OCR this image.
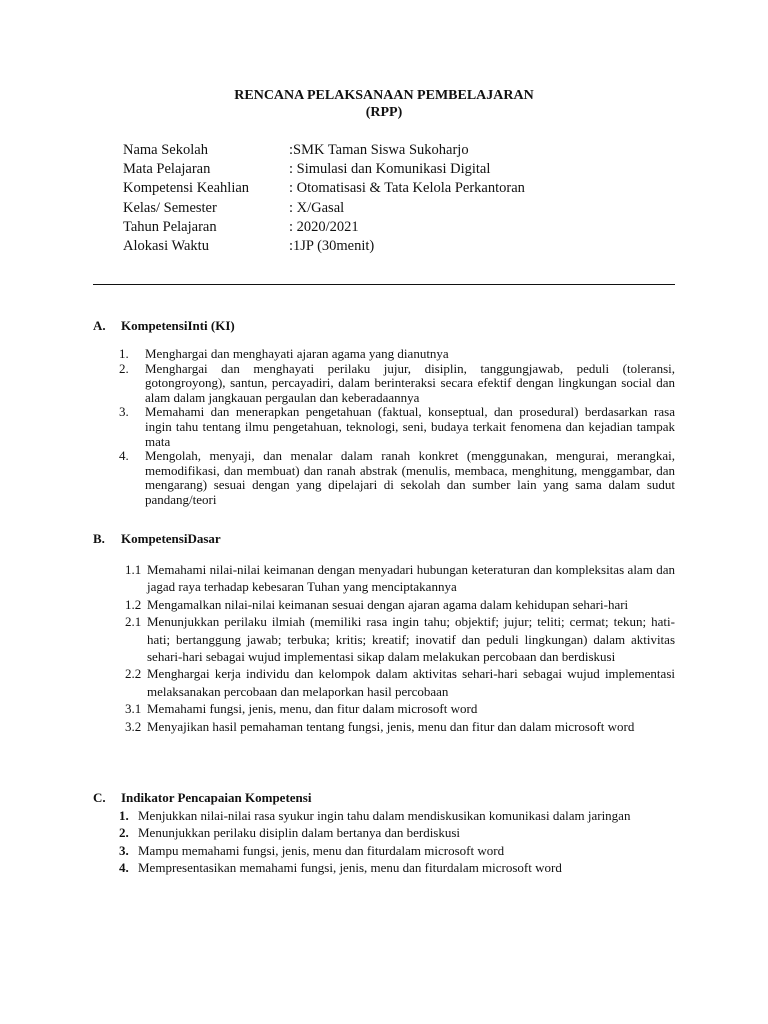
RENCANA PELAKSANAAN PEMBELAJARAN
(RPP)
Nama Sekolah	:SMK Taman Siswa Sukoharjo
Mata Pelajaran	: Simulasi dan Komunikasi Digital
Kompetensi Keahlian	: Otomatisasi & Tata Kelola Perkantoran
Kelas/ Semester	: X/Gasal
Tahun Pelajaran	: 2020/2021
Alokasi Waktu	:1JP (30menit)
A.	KompetensiInti (KI)
1.	Menghargai dan menghayati ajaran agama yang dianutnya
2.	Menghargai dan menghayati perilaku jujur, disiplin, tanggungjawab, peduli (toleransi, gotongroyong), santun, percayadiri, dalam berinteraksi secara efektif dengan lingkungan social dan alam dalam jangkauan pergaulan dan keberadaannya
3.	Memahami dan menerapkan pengetahuan (faktual, konseptual, dan prosedural) berdasarkan rasa ingin tahu tentang ilmu pengetahuan, teknologi, seni, budaya terkait fenomena dan kejadian tampak mata
4.	Mengolah, menyaji, dan menalar dalam ranah konkret (menggunakan, mengurai, merangkai, memodifikasi, dan membuat) dan ranah abstrak (menulis, membaca, menghitung, menggambar, dan mengarang) sesuai dengan yang dipelajari di sekolah dan sumber lain yang sama dalam sudut pandang/teori
B.	KompetensiDasar
1.1 Memahami nilai-nilai keimanan dengan menyadari hubungan keteraturan dan kompleksitas alam dan jagad raya terhadap kebesaran Tuhan yang menciptakannya
1.2 Mengamalkan nilai-nilai keimanan sesuai dengan ajaran agama dalam kehidupan sehari-hari
2.1 Menunjukkan perilaku ilmiah (memiliki rasa ingin tahu; objektif; jujur; teliti; cermat; tekun; hati-hati; bertanggung jawab; terbuka; kritis; kreatif; inovatif dan peduli lingkungan) dalam aktivitas sehari-hari sebagai wujud implementasi sikap dalam melakukan percobaan dan berdiskusi
2.2 Menghargai kerja individu dan kelompok dalam aktivitas sehari-hari sebagai wujud implementasi melaksanakan percobaan dan melaporkan hasil percobaan
3.1 Memahami fungsi, jenis, menu, dan fitur dalam microsoft word
3.2 Menyajikan hasil pemahaman tentang fungsi, jenis, menu dan fitur dan dalam microsoft word
C.	Indikator Pencapaian Kompetensi
1. Menjukkan nilai-nilai rasa syukur ingin tahu dalam mendiskusikan komunikasi dalam jaringan
2. Menunjukkan perilaku disiplin dalam bertanya dan berdiskusi
3. Mampu memahami fungsi, jenis, menu dan fiturdalam microsoft word
4. Mempresentasikan memahami fungsi, jenis, menu dan fiturdalam microsoft word
